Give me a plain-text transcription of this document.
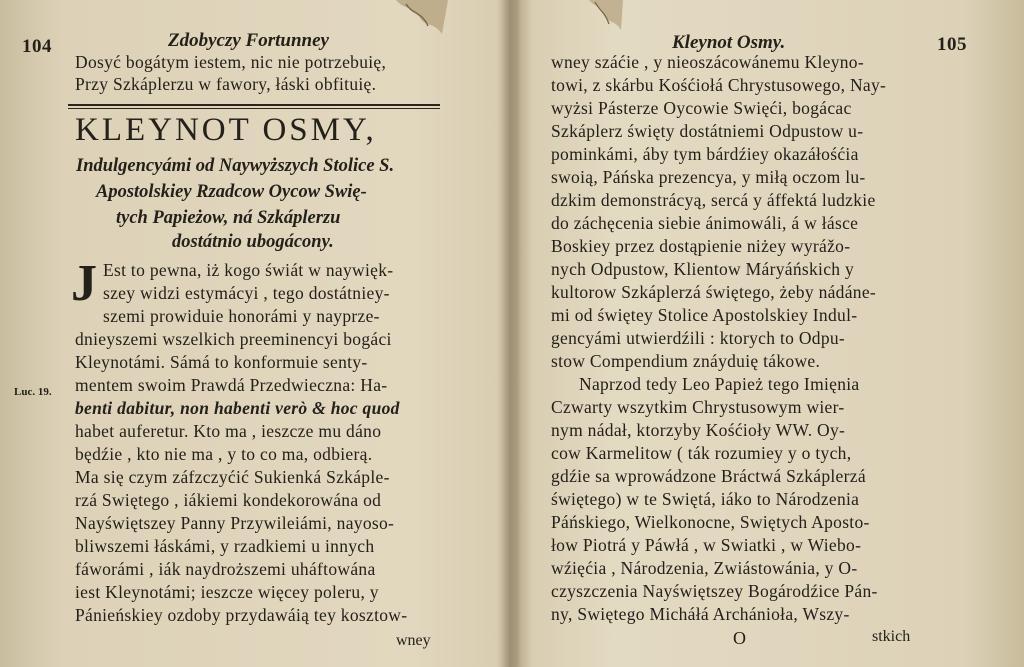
104	Zdobyczy Fortunney
Dosyć bogátym iestem, nic nie potrzebuię,
Przy Szkáplerzu w fawory, łáski obfituię.
KLEYNOT OSMY,
Indulgencyámi od Naywyższych Stolice S.
Apostolskiey Rzadcow Oycow Swię-
tych Papieżow, ná Szkáplerzu
dostátnio ubogácony.
J Est to pewna, iż kogo świát w naywięk-
szey widzi estymácyi , tego dostátniey-
szemi prowiduie honorámi y nayprze-
dnieyszemi wszelkich preeminencyi bogáci
Kleynotámi. Sámá to konformuie senty-
mentem swoim Prawdá Przedwieczna: Ha-
benti dabitur, non habenti verò & hoc quod
habet auferetur. Kto ma , ieszcze mu dáno
będźie , kto nie ma , y to co ma, odbierą.
Ma się czym záfzczyćić Sukienká Szkáple-
rzá Swiętego , iákiemi kondekorowána od
Nayświętszey Panny Przywileiámi, nayoso-
bliwszemi łáskámi, y rzadkiemi u innych
fáworámi , iák naydroższemi uháftowána
iest Kleynotámi; ieszcze więcey poleru, y
Pánieńskiey ozdoby przydawáią tey kosztow-
Luc. 19.
wney
Kleynot Osmy.	105
wney száćie , y nieoszácowánemu Kleyno-
towi, z skárbu Kośćiołá Chrystusowego, Nay-
wyżsi Pásterze Oycowie Swięći, bogácac
Szkáplerz święty dostátniemi Odpustow u-
pominkámi, áby tym bárdźiey okazáłośćia
swoią, Páńska prezencya, y miłą oczom lu-
dzkim demonstrácyą, sercá y áffektá ludzkie
do záchęcenia siebie ánimowáli, á w łásce
Boskiey przez dostąpienie niżey wyrážo-
nych Odpustow, Klientow Máryáńskich y
kultorow Szkáplerzá świętego, żeby nádáne-
mi od świętey Stolice Apostolskiey Indul-
gencyámi utwierdźili : ktorych to Odpu-
stow Compendium znáyduię tákowe.
Naprzod tedy Leo Papież tego Imięnia
Czwarty wszytkim Chrystusowym wier-
nym nádał, ktorzyby Kośćioły WW. Oy-
cow Karmelitow ( ták rozumiey y o tych,
gdźie sa wprowádzone Bráctwá Szkáplerzá
świętego) w te Swiętá, iáko to Národzenia
Páńskiego, Wielkonocne, Swiętych Aposto-
łow Piotrá y Páwłá , w Swiatki , w Wiebo-
wźięćia , Národzenia, Zwiástowánia, y O-
czyszczenia Nayświętszey Bogárodźice Pán-
ny, Swiętego Micháłá Archánioła, Wszy-
O	stkich
